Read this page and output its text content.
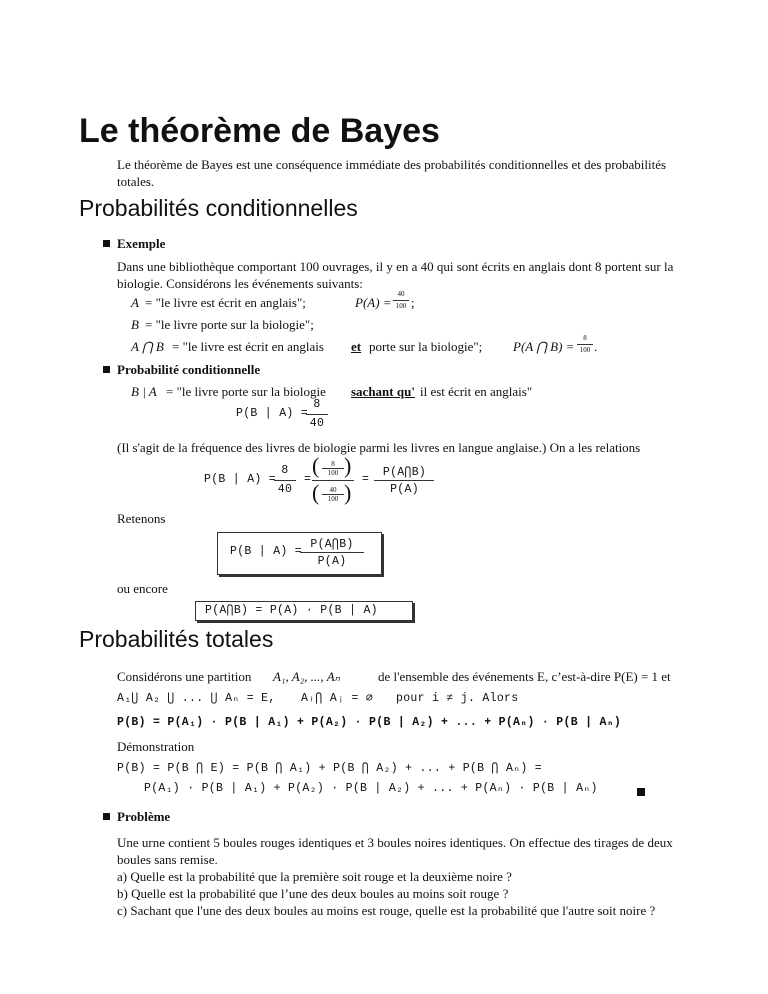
Le théorème de Bayes
Le théorème de Bayes est une conséquence immédiate des probabilités conditionnelles et des probabilités totales.
Probabilités conditionnelles
Exemple
Dans une bibliothèque comportant 100 ouvrages, il y en a 40 qui sont écrits en anglais dont 8 portent sur la biologie. Considérons les événements suivants:
A = "le livre est écrit en anglais";	P(A) =
40
100 ;
B = "le livre porte sur la biologie";
A ⋂ B = "le livre est écrit en anglais et porte sur la biologie"; P(A ⋂ B) =
8
100 .
Probabilité conditionnelle
B | A = "le livre porte sur la biologie sachant qu' il est écrit en anglais"
P(B | A) =
8
40
(Il s'agit de la fréquence des livres de biologie parmi les livres en langue anglaise.) On a les relations
P(B | A) =
8
40
=
(	8
100 )
(	40
100 )
=
P(A⋂B)
P(A)
Retenons
P(B | A) =
P(A⋂B)
P(A)
ou encore
P(A⋂B) = P(A) · P(B | A)
Probabilités totales
Considérons une partition A₁, A₂, ..., Aₙ	de l'ensemble des événements E, c’est-à-dire P(E) = 1 et
A₁⋃ A₂ ⋃ ... ⋃ Aₙ = E, Aᵢ⋂ Aⱼ = ∅ pour i ≠ j. Alors
P(B) = P(A₁) · P(B | A₁) + P(A₂) · P(B | A₂) + ... + P(Aₙ) · P(B | Aₙ)
Démonstration
P(B) = P(B ⋂ E) = P(B ⋂ A₁) + P(B ⋂ A₂) + ... + P(B ⋂ Aₙ) =
P(A₁) · P(B | A₁) + P(A₂) · P(B | A₂) + ... + P(Aₙ) · P(B | Aₙ)
Problème
Une urne contient 5 boules rouges identiques et 3 boules noires identiques. On effectue des tirages de deux boules sans remise.
a) Quelle est la probabilité que la première soit rouge et la deuxième noire ?
b) Quelle est la probabilité que l’une des deux boules au moins soit rouge ?
c) Sachant que l'une des deux boules au moins est rouge, quelle est la probabilité que l'autre soit noire ?
